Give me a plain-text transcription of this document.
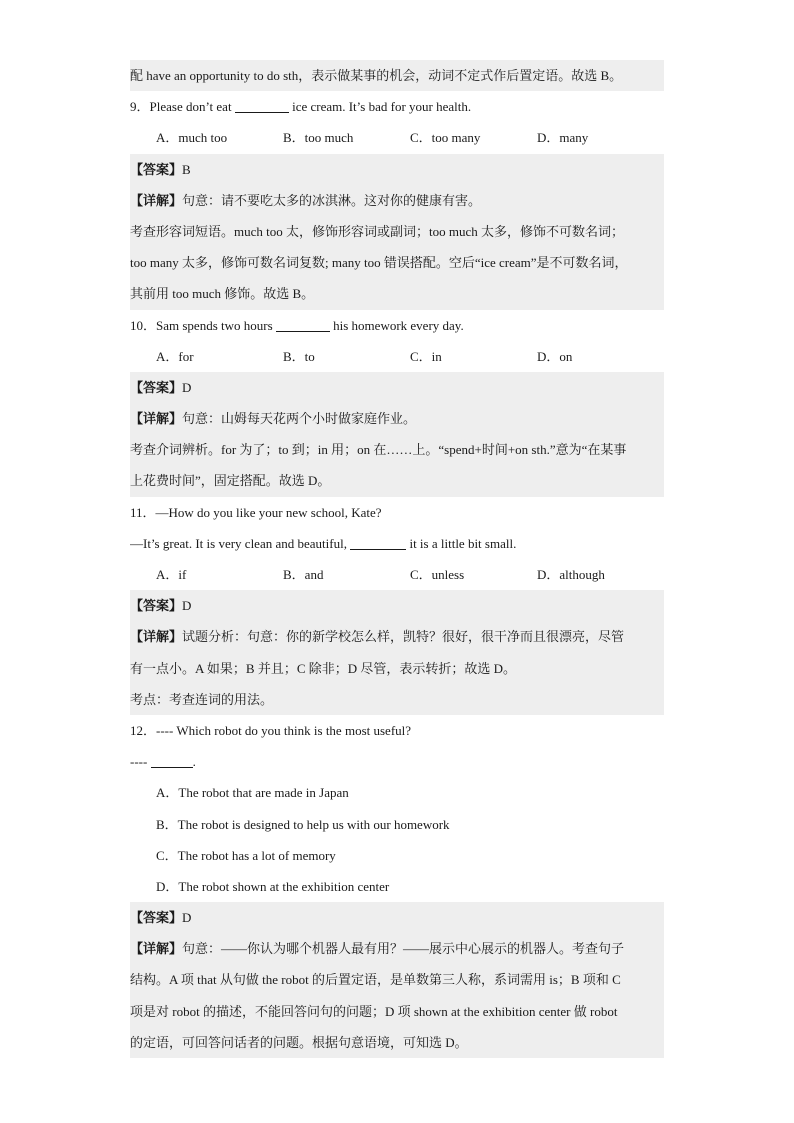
配 have an opportunity to do sth，表示做某事的机会，动词不定式作后置定语。故选 B。
9．Please don’t eat	ice cream. It’s bad for your health.
A．much too	B．too much	C．too many	D．many
【答案】B
【详解】句意：请不要吃太多的冰淇淋。这对你的健康有害。
考查形容词短语。much too 太，修饰形容词或副词；too much 太多，修饰不可数名词；
too many 太多，修饰可数名词复数; many too 错误搭配。空后“ice cream”是不可数名词，
其前用 too much 修饰。故选 B。
10．Sam spends two hours	his homework every day.
A．for	B．to	C．in	D．on
【答案】D
【详解】句意：山姆每天花两个小时做家庭作业。
考查介词辨析。for 为了；to 到；in 用；on 在……上。“spend+时间+on sth.”意为“在某事
上花费时间”，固定搭配。故选 D。
11．—How do you like your new school, Kate?
—It’s great. It is very clean and beautiful,	it is a little bit small.
A．if	B．and	C．unless	D．although
【答案】D
【详解】试题分析：句意：你的新学校怎么样，凯特？很好，很干净而且很漂亮，尽管
有一点小。A 如果；B 并且；C 除非；D 尽管，表示转折；故选 D。
考点：考查连词的用法。
12．---- Which robot do you think is the most useful?
----	.
A．The robot that are made in Japan
B．The robot is designed to help us with our homework
C．The robot has a lot of memory
D．The robot shown at the exhibition center
【答案】D
【详解】句意：——你认为哪个机器人最有用？——展示中心展示的机器人。考查句子
结构。A 项 that 从句做 the robot 的后置定语，是单数第三人称，系词需用 is；B 项和 C
项是对 robot 的描述，不能回答问句的问题；D 项 shown at the exhibition center 做 robot
的定语，可回答问话者的问题。根据句意语境，可知选 D。
